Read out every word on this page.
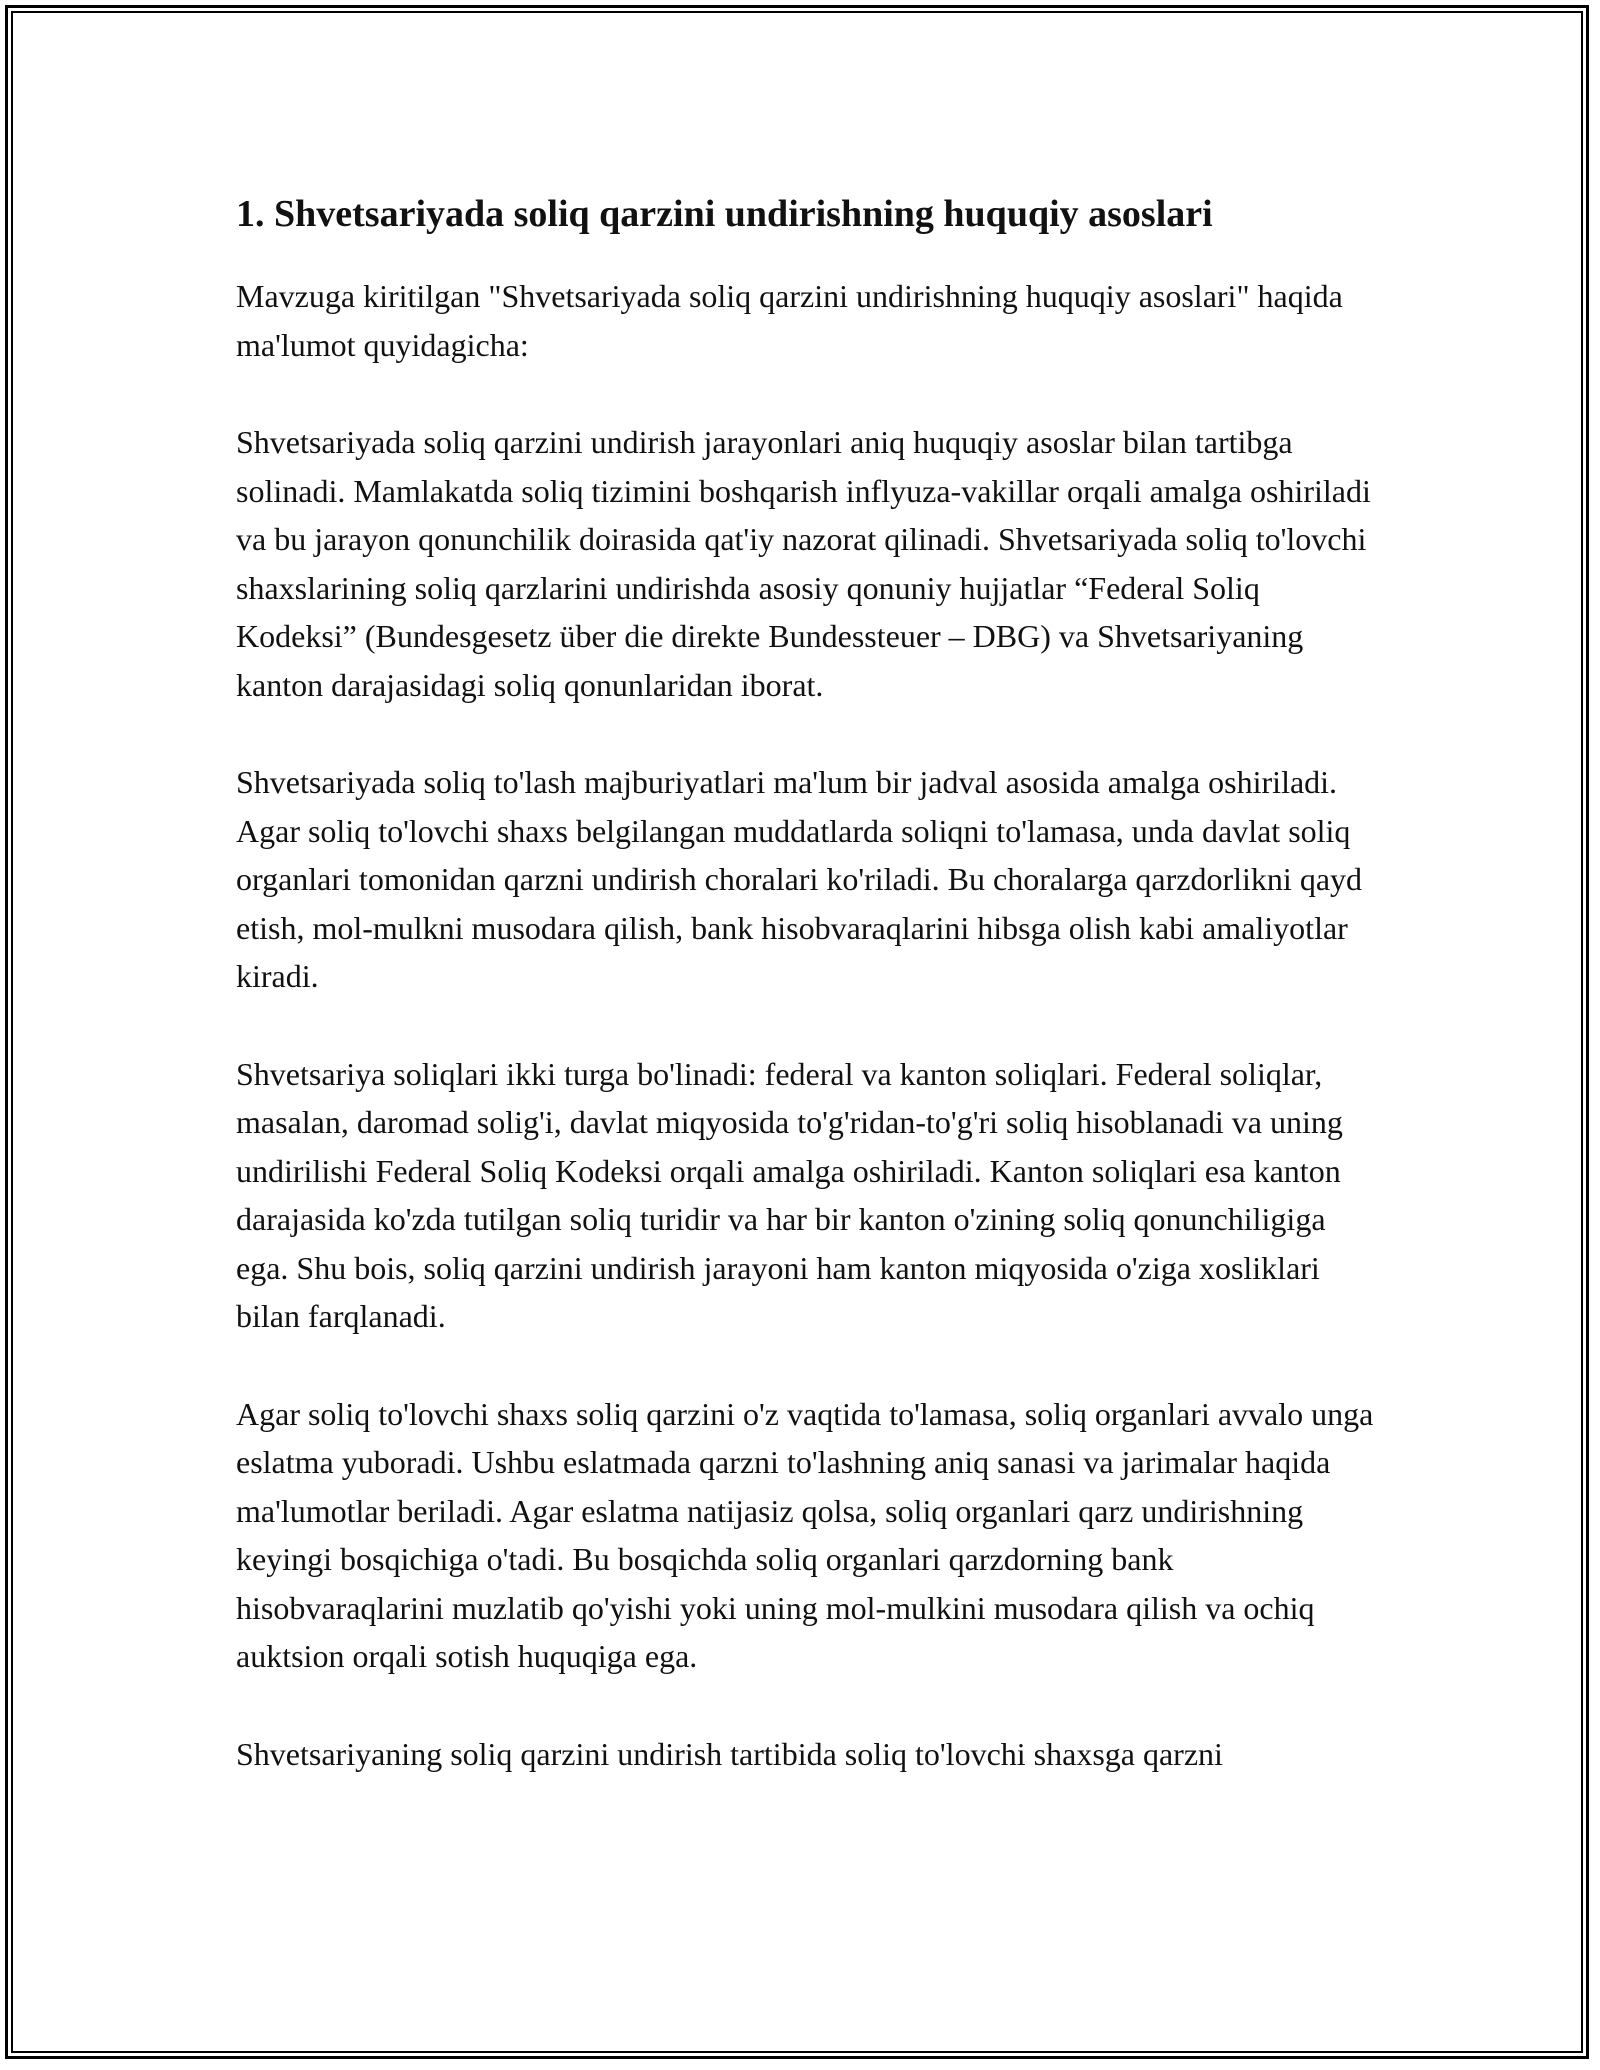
1. Shvetsariyada soliq qarzini undirishning huquqiy asoslari

Mavzuga kiritilgan "Shvetsariyada soliq qarzini undirishning huquqiy asoslari" haqida ma'lumot quyidagicha:

Shvetsariyada soliq qarzini undirish jarayonlari aniq huquqiy asoslar bilan tartibga solinadi. Mamlakatda soliq tizimini boshqarish inflyuza-vakillar orqali amalga oshiriladi va bu jarayon qonunchilik doirasida qat'iy nazorat qilinadi. Shvetsariyada soliq to'lovchi shaxslarining soliq qarzlarini undirishda asosiy qonuniy hujjatlar “Federal Soliq Kodeksi” (Bundesgesetz über die direkte Bundessteuer – DBG) va Shvetsariyaning kanton darajasidagi soliq qonunlaridan iborat.

Shvetsariyada soliq to'lash majburiyatlari ma'lum bir jadval asosida amalga oshiriladi. Agar soliq to'lovchi shaxs belgilangan muddatlarda soliqni to'lamasa, unda davlat soliq organlari tomonidan qarzni undirish choralari ko'riladi. Bu choralarga qarzdorlikni qayd etish, mol-mulkni musodara qilish, bank hisobvaraqlarini hibsga olish kabi amaliyotlar kiradi.

Shvetsariya soliqlari ikki turga bo'linadi: federal va kanton soliqlari. Federal soliqlar, masalan, daromad solig'i, davlat miqyosida to'g'ridan-to'g'ri soliq hisoblanadi va uning undirilishi Federal Soliq Kodeksi orqali amalga oshiriladi. Kanton soliqlari esa kanton darajasida ko'zda tutilgan soliq turidir va har bir kanton o'zining soliq qonunchiligiga ega. Shu bois, soliq qarzini undirish jarayoni ham kanton miqyosida o'ziga xosliklari bilan farqlanadi.

Agar soliq to'lovchi shaxs soliq qarzini o'z vaqtida to'lamasa, soliq organlari avvalo unga eslatma yuboradi. Ushbu eslatmada qarzni to'lashning aniq sanasi va jarimalar haqida ma'lumotlar beriladi. Agar eslatma natijasiz qolsa, soliq organlari qarz undirishning keyingi bosqichiga o'tadi. Bu bosqichda soliq organlari qarzdorning bank hisobvaraqlarini muzlatib qo'yishi yoki uning mol-mulkini musodara qilish va ochiq auktsion orqali sotish huquqiga ega.

Shvetsariyaning soliq qarzini undirish tartibida soliq to'lovchi shaxsga qarzni
